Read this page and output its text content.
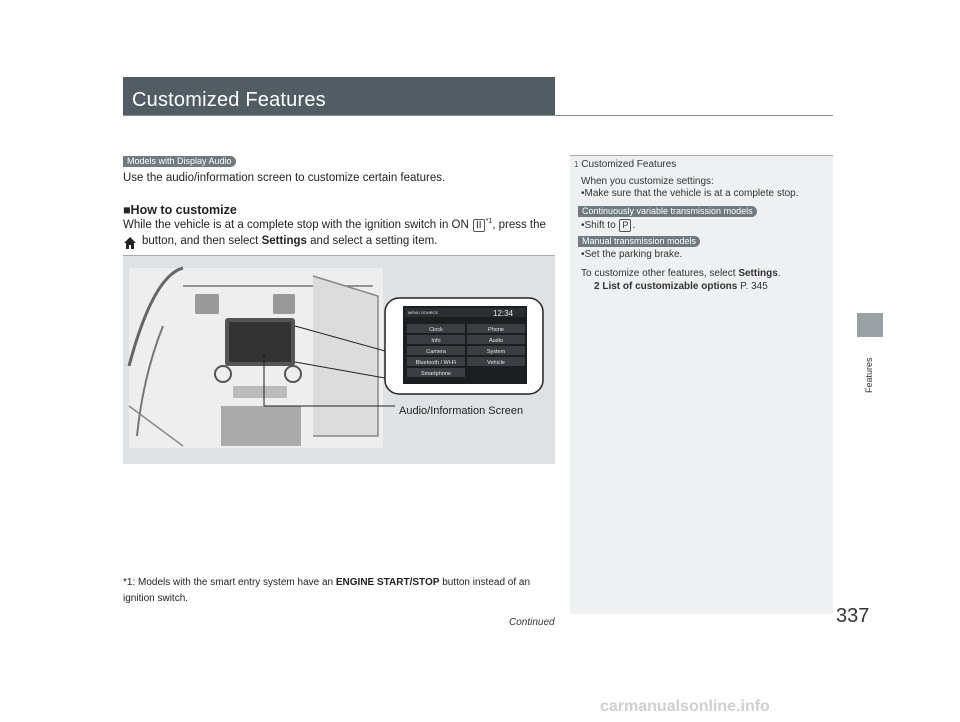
Customized Features
Features
Models with Display Audio
Use the audio/information screen to customize certain features.
■How to customize
While the vehicle is at a complete stop with the ignition switch in ON II $^{*1}$, press the
button, and then select Settings and select a setting item.
MENU SOURCE	12:34
Clock	Phone
Info	Audio
Camera	System
Bluetooth / Wi-Fi	Vehicle
Smartphone
Audio/Information Screen
*1: Models with the smart entry system have an ENGINE START/STOP button instead of an
ignition switch.
1 Customized Features
When you customize settings:
•Make sure that the vehicle is at a complete stop.
Continuously variable transmission models
•Shift to P .
Manual transmission models
•Set the parking brake.
To customize other features, select Settings.
2 List of customizable options P. 345
Continued	337
carmanualsonline.info
